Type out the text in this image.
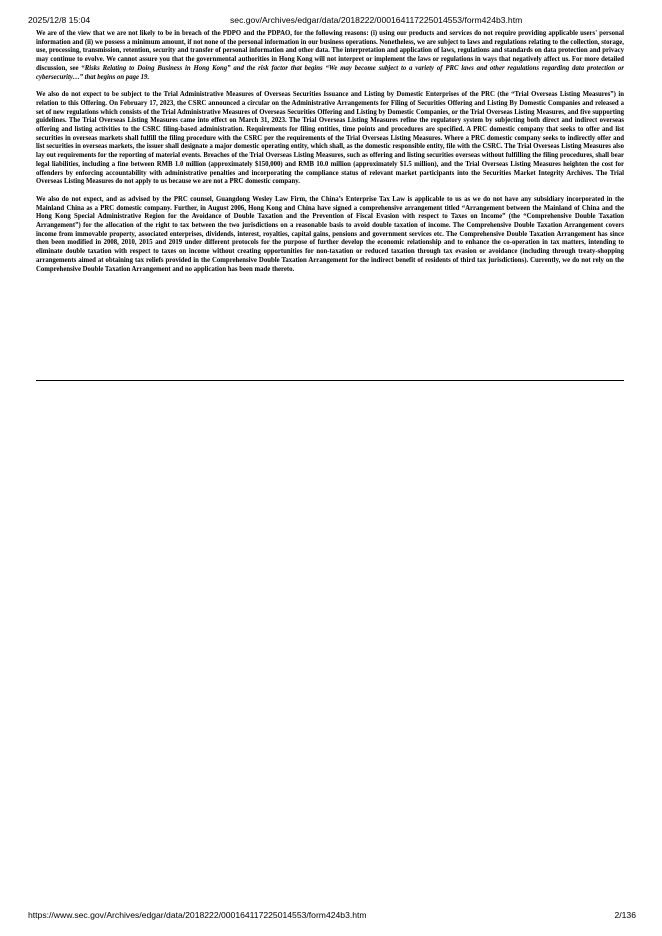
2025/12/8 15:04	sec.gov/Archives/edgar/data/2018222/000164117225014553/form424b3.htm

We are of the view that we are not likely to be in breach of the PDPO and the PDPAO, for the following reasons: (i) using our products and services do not require providing applicable users' personal information and (ii) we possess a minimum amount, if not none of the personal information in our business operations. Nonetheless, we are subject to laws and regulations relating to the collection, storage, use, processing, transmission, retention, security and transfer of personal information and other data. The interpretation and application of laws, regulations and standards on data protection and privacy may continue to evolve. We cannot assure you that the governmental authorities in Hong Kong will not interpret or implement the laws or regulations in ways that negatively affect us. For more detailed discussion, see “Risks Relating to Doing Business in Hong Kong” and the risk factor that begins “We may become subject to a variety of PRC laws and other regulations regarding data protection or cybersecurity…” that begins on page 19.

We also do not expect to be subject to the Trial Administrative Measures of Overseas Securities Issuance and Listing by Domestic Enterprises of the PRC (the “Trial Overseas Listing Measures”) in relation to this Offering. On February 17, 2023, the CSRC announced a circular on the Administrative Arrangements for Filing of Securities Offering and Listing By Domestic Companies and released a set of new regulations which consists of the Trial Administrative Measures of Overseas Securities Offering and Listing by Domestic Companies, or the Trial Overseas Listing Measures, and five supporting guidelines. The Trial Overseas Listing Measures came into effect on March 31, 2023. The Trial Overseas Listing Measures refine the regulatory system by subjecting both direct and indirect overseas offering and listing activities to the CSRC filing-based administration. Requirements for filing entities, time points and procedures are specified. A PRC domestic company that seeks to offer and list securities in overseas markets shall fulfill the filing procedure with the CSRC per the requirements of the Trial Overseas Listing Measures. Where a PRC domestic company seeks to indirectly offer and list securities in overseas markets, the issuer shall designate a major domestic operating entity, which shall, as the domestic responsible entity, file with the CSRC. The Trial Overseas Listing Measures also lay out requirements for the reporting of material events. Breaches of the Trial Overseas Listing Measures, such as offering and listing securities overseas without fulfilling the filing procedures, shall bear legal liabilities, including a fine between RMB 1.0 million (approximately $150,000) and RMB 10.0 million (approximately $1.5 million), and the Trial Overseas Listing Measures heighten the cost for offenders by enforcing accountability with administrative penalties and incorporating the compliance status of relevant market participants into the Securities Market Integrity Archives. The Trial Overseas Listing Measures do not apply to us because we are not a PRC domestic company.

We also do not expect, and as advised by the PRC counsel, Guangdong Wesley Law Firm, the China’s Enterprise Tax Law is applicable to us as we do not have any subsidiary incorporated in the Mainland China as a PRC domestic company. Further, in August 2006, Hong Kong and China have signed a comprehensive arrangement titled “Arrangement between the Mainland of China and the Hong Kong Special Administrative Region for the Avoidance of Double Taxation and the Prevention of Fiscal Evasion with respect to Taxes on Income” (the “Comprehensive Double Taxation Arrangement”) for the allocation of the right to tax between the two jurisdictions on a reasonable basis to avoid double taxation of income. The Comprehensive Double Taxation Arrangement covers income from immovable property, associated enterprises, dividends, interest, royalties, capital gains, pensions and government services etc. The Comprehensive Double Taxation Arrangement has since then been modified in 2008, 2010, 2015 and 2019 under different protocols for the purpose of further develop the economic relationship and to enhance the co-operation in tax matters, intending to eliminate double taxation with respect to taxes on income without creating opportunities for non-taxation or reduced taxation through tax evasion or avoidance (including through treaty-shopping arrangements aimed at obtaining tax reliefs provided in the Comprehensive Double Taxation Arrangement for the indirect benefit of residents of third tax jurisdictions). Currently, we do not rely on the Comprehensive Double Taxation Arrangement and no application has been made thereto.

https://www.sec.gov/Archives/edgar/data/2018222/000164117225014553/form424b3.htm	2/136
